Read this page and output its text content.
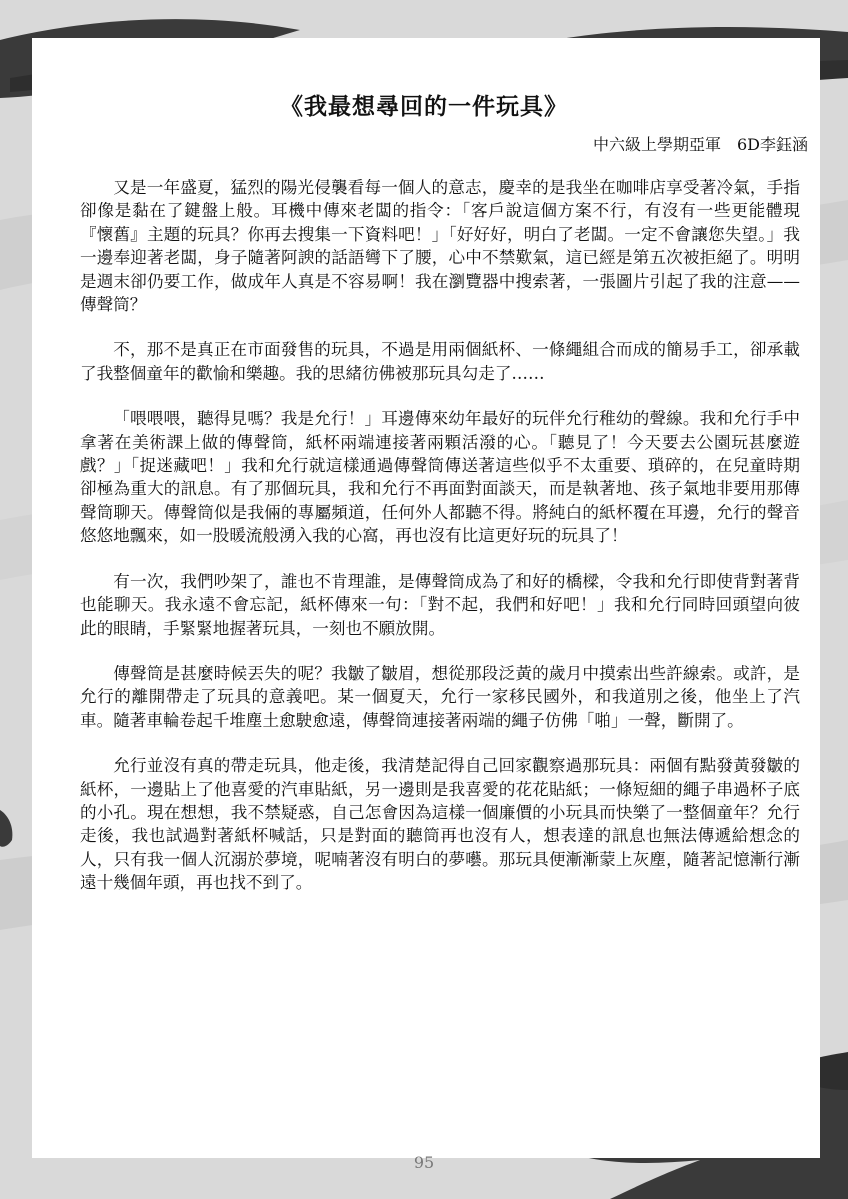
《我最想尋回的一件玩具》
中六級上學期亞軍　6D李鈺涵

又是一年盛夏，猛烈的陽光侵襲看每一個人的意志，慶幸的是我坐在咖啡店享受著冷氣，手指卻像是黏在了鍵盤上般。耳機中傳來老闆的指令：「客戶說這個方案不行，有沒有一些更能體現『懷舊』主題的玩具？你再去搜集一下資料吧！」「好好好，明白了老闆。一定不會讓您失望。」我一邊奉迎著老闆，身子隨著阿諛的話語彎下了腰，心中不禁歎氣，這已經是第五次被拒絕了。明明是週末卻仍要工作，做成年人真是不容易啊！我在瀏覽器中搜索著，一張圖片引起了我的注意——傳聲筒？

不，那不是真正在市面發售的玩具，不過是用兩個紙杯、一條繩組合而成的簡易手工，卻承載了我整個童年的歡愉和樂趣。我的思緒彷佛被那玩具勾走了……

「喂喂喂，聽得見嗎？我是允行！」耳邊傳來幼年最好的玩伴允行稚幼的聲線。我和允行手中拿著在美術課上做的傳聲筒，紙杯兩端連接著兩顆活潑的心。「聽見了！今天要去公園玩甚麼遊戲？」「捉迷藏吧！」我和允行就這樣通過傳聲筒傳送著這些似乎不太重要、瑣碎的，在兒童時期卻極為重大的訊息。有了那個玩具，我和允行不再面對面談天，而是執著地、孩子氣地非要用那傳聲筒聊天。傳聲筒似是我倆的專屬頻道，任何外人都聽不得。將純白的紙杯覆在耳邊，允行的聲音悠悠地飄來，如一股暖流般湧入我的心窩，再也沒有比這更好玩的玩具了！

有一次，我們吵架了，誰也不肯理誰，是傳聲筒成為了和好的橋樑，令我和允行即使背對著背也能聊天。我永遠不會忘記，紙杯傳來一句：「對不起，我們和好吧！」我和允行同時回頭望向彼此的眼睛，手緊緊地握著玩具，一刻也不願放開。

傳聲筒是甚麼時候丟失的呢？我皺了皺眉，想從那段泛黃的歲月中摸索出些許線索。或許，是允行的離開帶走了玩具的意義吧。某一個夏天，允行一家移民國外，和我道別之後，他坐上了汽車。隨著車輪卷起千堆塵土愈駛愈遠，傳聲筒連接著兩端的繩子仿佛「啪」一聲，斷開了。

允行並沒有真的帶走玩具，他走後，我清楚記得自己回家觀察過那玩具：兩個有點發黃發皺的紙杯，一邊貼上了他喜愛的汽車貼紙，另一邊則是我喜愛的花花貼紙；一條短細的繩子串過杯子底的小孔。現在想想，我不禁疑惑，自己怎會因為這樣一個廉價的小玩具而快樂了一整個童年？允行走後，我也試過對著紙杯喊話，只是對面的聽筒再也沒有人，想表達的訊息也無法傳遞給想念的人，只有我一個人沉溺於夢境，呢喃著沒有明白的夢囈。那玩具便漸漸蒙上灰塵，隨著記憶漸行漸遠十幾個年頭，再也找不到了。

95
